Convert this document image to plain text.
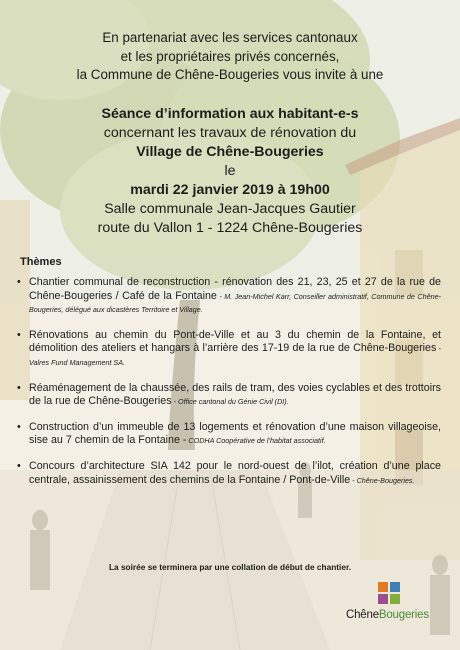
En partenariat avec les services cantonaux
et les propriétaires privés concernés,
la Commune de Chêne-Bougeries vous invite à une
Séance d’information aux habitant-e-s
concernant les travaux de rénovation du
Village de Chêne-Bougeries
le
mardi 22 janvier 2019 à 19h00
Salle communale Jean-Jacques Gautier
route du Vallon 1 - 1224 Chêne-Bougeries
Thèmes
• Chantier communal de reconstruction - rénovation des 21, 23, 25 et 27 de la rue de Chêne-Bougeries / Café de la Fontaine - M. Jean-Michel Karr, Conseiller administratif, Commune de Chêne-Bougeries, délégué aux dicastères Territoire et Village.
• Rénovations au chemin du Pont-de-Ville et au 3 du chemin de la Fontaine, et démolition des ateliers et hangars à l’arrière des 17-19 de la rue de Chêne-Bougeries - Valres Fund Management SA.
• Réaménagement de la chaussée, des rails de tram, des voies cyclables et des trottoirs de la rue de Chêne-Bougeries - Office cantonal du Génie Civil (DI).
• Construction d’un immeuble de 13 logements et rénovation d’une maison villageoise, sise au 7 chemin de la Fontaine - CODHA Coopérative de l’habitat associatif.
• Concours d’architecture SIA 142 pour le nord-ouest de l’ilot, création d’une place centrale, assainissement des chemins de la Fontaine / Pont-de-Ville - Chêne-Bougeries.
La soirée se terminera par une collation de début de chantier.
ChêneBougeries
